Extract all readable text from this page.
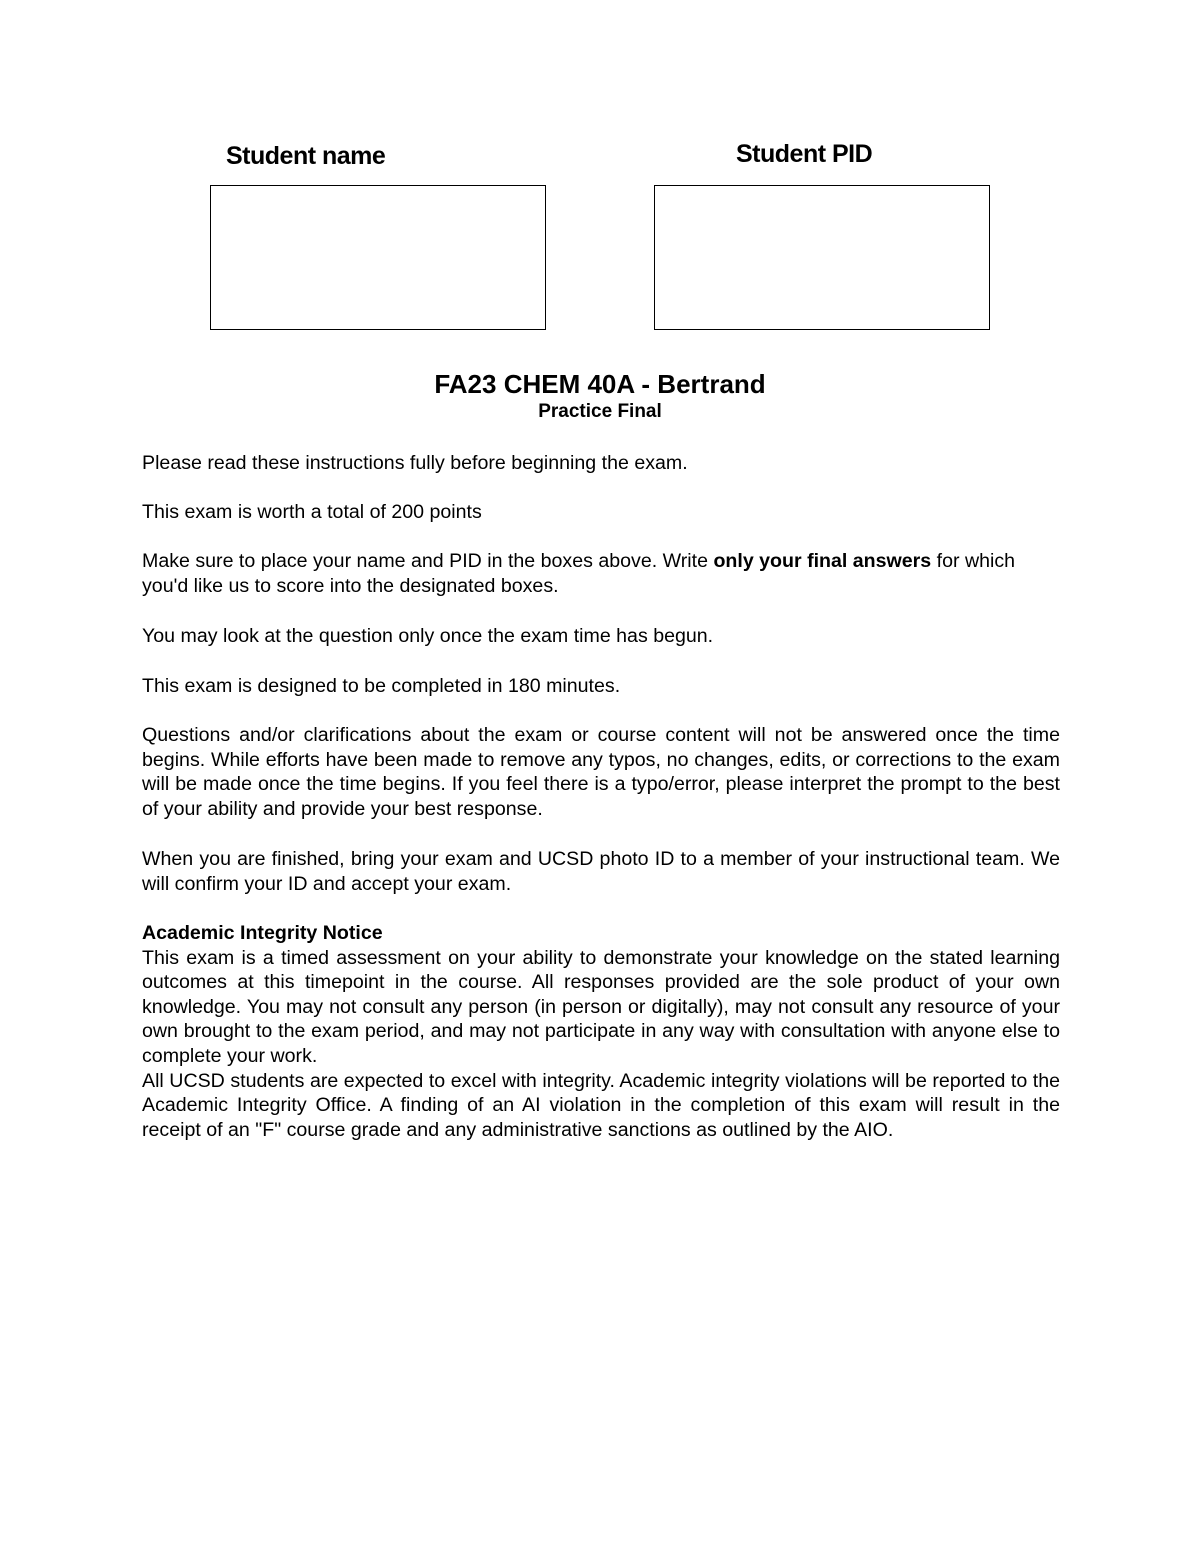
Student name	Student PID
FA23 CHEM 40A - Bertrand
Practice Final

Please read these instructions fully before beginning the exam.

This exam is worth a total of 200 points

Make sure to place your name and PID in the boxes above. Write only your final answers for which you'd like us to score into the designated boxes.

You may look at the question only once the exam time has begun.

This exam is designed to be completed in 180 minutes.

Questions and/or clarifications about the exam or course content will not be answered once the time begins. While efforts have been made to remove any typos, no changes, edits, or corrections to the exam will be made once the time begins. If you feel there is a typo/error, please interpret the prompt to the best of your ability and provide your best response.

When you are finished, bring your exam and UCSD photo ID to a member of your instructional team. We will confirm your ID and accept your exam.

Academic Integrity Notice

This exam is a timed assessment on your ability to demonstrate your knowledge on the stated learning outcomes at this timepoint in the course. All responses provided are the sole product of your own knowledge. You may not consult any person (in person or digitally), may not consult any resource of your own brought to the exam period, and may not participate in any way with consultation with anyone else to complete your work.

All UCSD students are expected to excel with integrity. Academic integrity violations will be reported to the Academic Integrity Office. A finding of an AI violation in the completion of this exam will result in the receipt of an "F" course grade and any administrative sanctions as outlined by the AIO.
